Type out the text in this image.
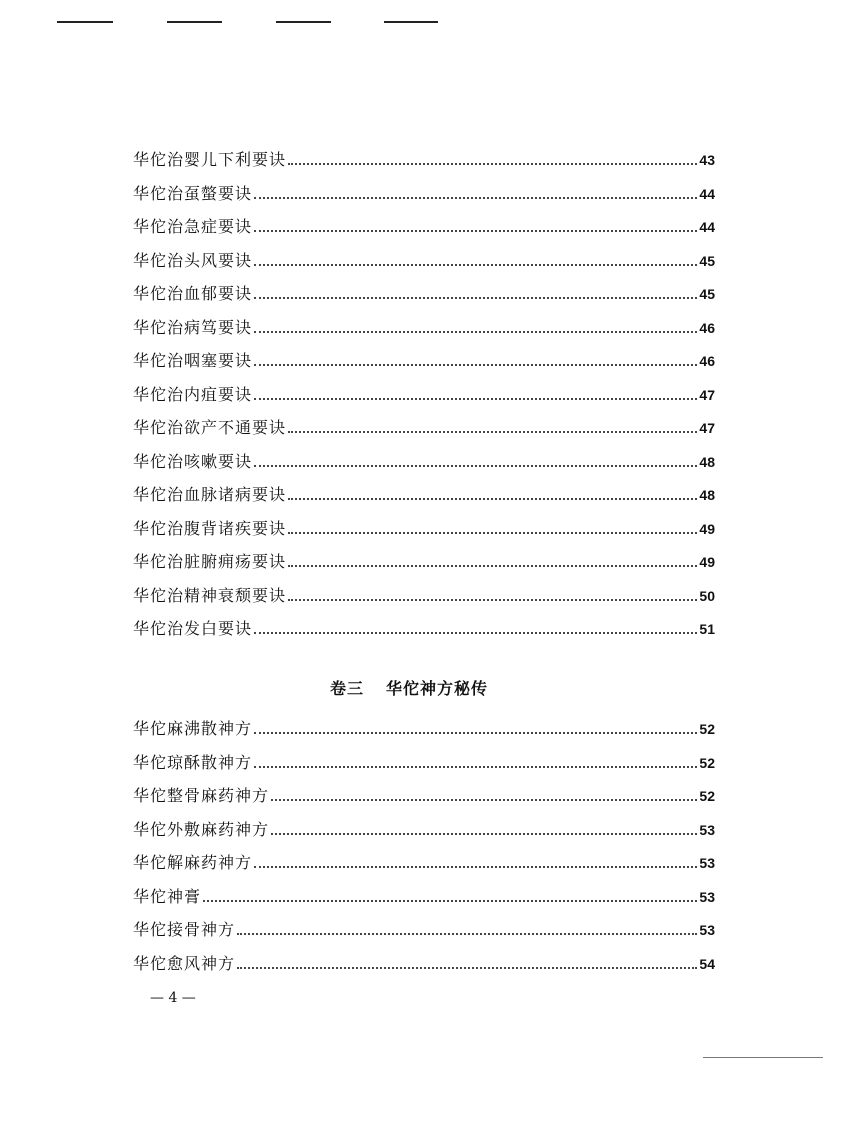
华佗治婴儿下利要诀	43
华佗治虿螫要诀	44
华佗治急症要诀	44
华佗治头风要诀	45
华佗治血郁要诀	45
华佗治病笃要诀	46
华佗治咽塞要诀	46
华佗治内疽要诀	47
华佗治欲产不通要诀	47
华佗治咳嗽要诀	48
华佗治血脉诸病要诀	48
华佗治腹背诸疾要诀	49
华佗治脏腑痈疡要诀	49
华佗治精神衰颓要诀	50
华佗治发白要诀	51
卷三 华佗神方秘传
华佗麻沸散神方	52
华佗琼酥散神方	52
华佗整骨麻药神方	52
华佗外敷麻药神方	53
华佗解麻药神方	53
华佗神膏	53
华佗接骨神方	53
华佗愈风神方	54
— 4 —
